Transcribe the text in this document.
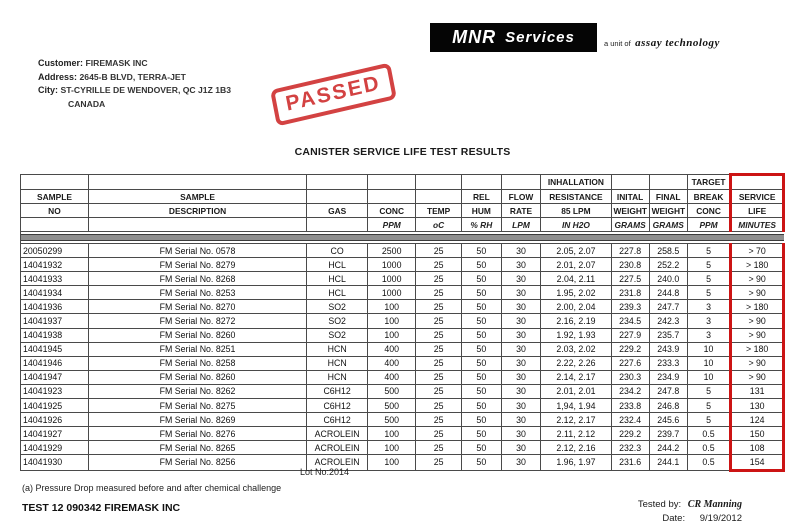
MNR Services	a unit of assay technology
Customer: FIREMASK INC
Address: 2645-B BLVD, TERRA-JET
City: ST-CYRILLE DE WENDOVER, QC J1Z 1B3
CANADA	PASSED
CANISTER SERVICE LIFE TEST RESULTS
							INHALLATION			TARGET	
SAMPLE	SAMPLE				REL	FLOW	RESISTANCE	INITAL	FINAL	BREAK	SERVICE
NO	DESCRIPTION	GAS	CONC	TEMP	HUM	RATE	85 LPM	WEIGHT	WEIGHT	CONC	LIFE
			PPM	oC	% RH	LPM	IN H2O	GRAMS	GRAMS	PPM	MINUTES

20050299	FM Serial No. 0578	CO	2500	25	50	30	2.05, 2.07	227.8	258.5	5	> 70
14041932	FM Serial No. 8279	HCL	1000	25	50	30	2.01, 2.07	230.8	252.2	5	> 180
14041933	FM Serial No. 8268	HCL	1000	25	50	30	2.04, 2.11	227.5	240.0	5	> 90
14041934	FM Serial No. 8253	HCL	1000	25	50	30	1.95, 2.02	231.8	244.8	5	> 90
14041936	FM Serial No. 8270	SO2	100	25	50	30	2.00, 2.04	239.3	247.7	3	> 180
14041937	FM Serial No. 8272	SO2	100	25	50	30	2.16, 2.19	234.5	242.3	3	> 90
14041938	FM Serial No. 8260	SO2	100	25	50	30	1.92, 1.93	227.9	235.7	3	> 90
14041945	FM Serial No. 8251	HCN	400	25	50	30	2.03, 2.02	229.2	243.9	10	> 180
14041946	FM Serial No. 8258	HCN	400	25	50	30	2.22, 2.26	227.6	233.3	10	> 90
14041947	FM Serial No. 8260	HCN	400	25	50	30	2.14, 2.17	230.3	234.9	10	> 90
14041923	FM Serial No. 8262	C6H12	500	25	50	30	2.01, 2.01	234.2	247.8	5	131
14041925	FM Serial No. 8275	C6H12	500	25	50	30	1,94, 1.94	233.8	246.8	5	130
14041926	FM Serial No. 8269	C6H12	500	25	50	30	2.12, 2.17	232.4	245.6	5	124
14041927	FM Serial No. 8276	ACROLEIN	100	25	50	30	2.11, 2.12	229.2	239.7	0.5	150
14041929	FM Serial No. 8265	ACROLEIN	100	25	50	30	2.12, 2.16	232.3	244.2	0.5	108
14041930	FM Serial No. 8256	ACROLEIN	100	25	50	30	1.96, 1.97	231.6	244.1	0.5	154
Lot No:2014
(a) Pressure Drop measured before and after chemical challenge
TEST 12 090342 FIREMASK INC	Tested by: CR Manning
Date: 9/19/2012
